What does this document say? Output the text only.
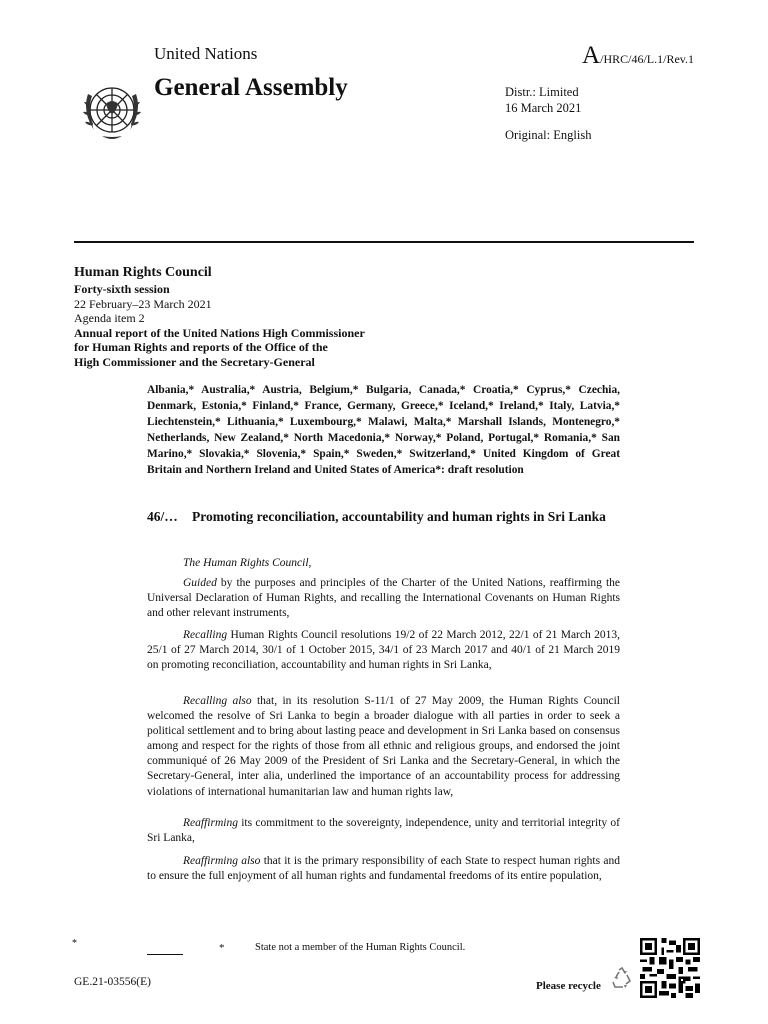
United Nations	A/HRC/46/L.1/Rev.1
General Assembly	Distr.: Limited
16 March 2021
Original: English
Human Rights Council
Forty-sixth session
22 February–23 March 2021
Agenda item 2
Annual report of the United Nations High Commissioner
for Human Rights and reports of the Office of the
High Commissioner and the Secretary-General
Albania,* Australia,* Austria, Belgium,* Bulgaria, Canada,* Croatia,* Cyprus,* Czechia, Denmark, Estonia,* Finland,* France, Germany, Greece,* Iceland,* Ireland,* Italy, Latvia,* Liechtenstein,* Lithuania,* Luxembourg,* Malawi, Malta,* Marshall Islands, Montenegro,* Netherlands, New Zealand,* North Macedonia,* Norway,* Poland, Portugal,* Romania,* San Marino,* Slovakia,* Slovenia,* Spain,* Sweden,* Switzerland,* United Kingdom of Great Britain and Northern Ireland and United States of America*: draft resolution
46/… Promoting reconciliation, accountability and human rights in Sri Lanka
The Human Rights Council,
Guided by the purposes and principles of the Charter of the United Nations, reaffirming the Universal Declaration of Human Rights, and recalling the International Covenants on Human Rights and other relevant instruments,
Recalling Human Rights Council resolutions 19/2 of 22 March 2012, 22/1 of 21 March 2013, 25/1 of 27 March 2014, 30/1 of 1 October 2015, 34/1 of 23 March 2017 and 40/1 of 21 March 2019 on promoting reconciliation, accountability and human rights in Sri Lanka,
Recalling also that, in its resolution S-11/1 of 27 May 2009, the Human Rights Council welcomed the resolve of Sri Lanka to begin a broader dialogue with all parties in order to seek a political settlement and to bring about lasting peace and development in Sri Lanka based on consensus among and respect for the rights of those from all ethnic and religious groups, and endorsed the joint communiqué of 26 May 2009 of the President of Sri Lanka and the Secretary-General, in which the Secretary-General, inter alia, underlined the importance of an accountability process for addressing violations of international humanitarian law and human rights law,
Reaffirming its commitment to the sovereignty, independence, unity and territorial integrity of Sri Lanka,
Reaffirming also that it is the primary responsibility of each State to respect human rights and to ensure the full enjoyment of all human rights and fundamental freedoms of its entire population,
*	*	State not a member of the Human Rights Council.
GE.21-03556(E)	Please recycle
